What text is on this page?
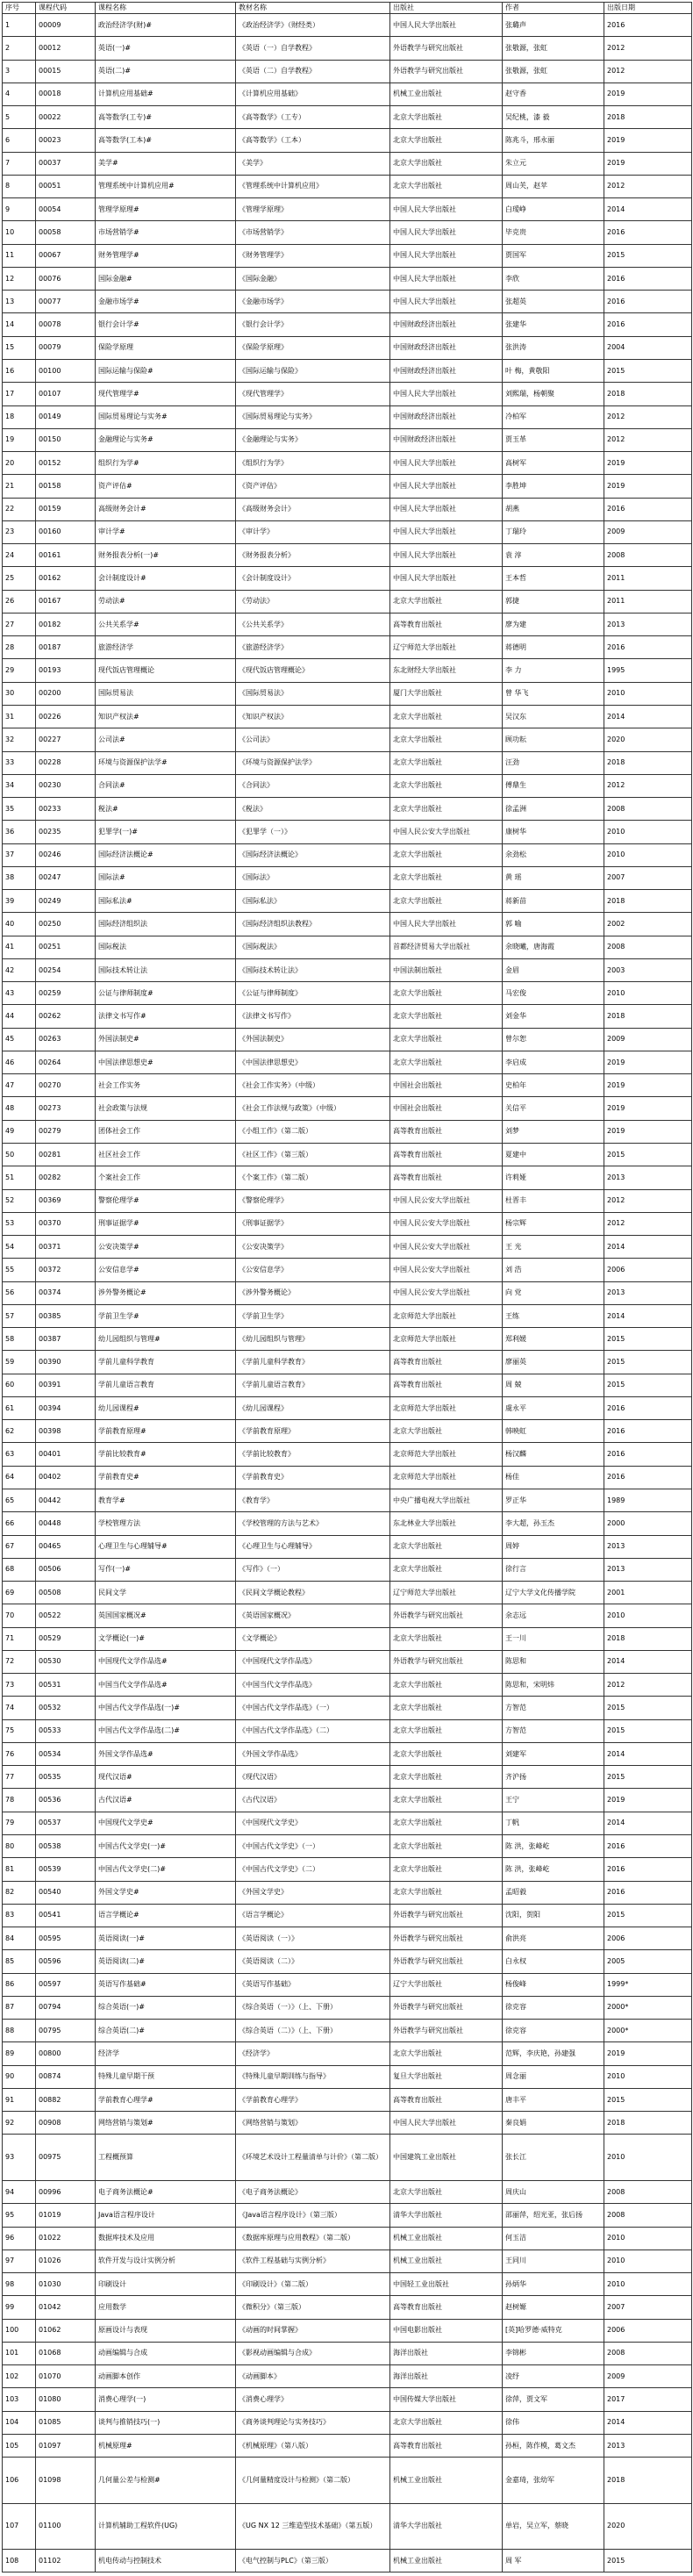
序号	课程代码	课程名称	教材名称	出版社	作者	出版日期
1	00009	政治经济学(财)#	《政治经济学》（财经类）	中国人民大学出版社	张璐声	2016
2	00012	英语(一)#	《英语（一）自学教程》	外语教学与研究出版社	张敬源，张虹	2012
3	00015	英语(二)#	《英语（二）自学教程》	外语教学与研究出版社	张敬源，张虹	2012
4	00018	计算机应用基础#	《计算机应用基础》	机械工业出版社	赵守香	2019
5	00022	高等数学(工专)#	《高等数学》（工专）	北京大学出版社	吴纪桃，漆 毅	2018
6	00023	高等数学(工本)#	《高等数学》（工本）	北京大学出版社	陈兆斗，邢永丽	2019
7	00037	美学#	《美学》	北京大学出版社	朱立元	2019
8	00051	管理系统中计算机应用#	《管理系统中计算机应用》	北京大学出版社	周山芙，赵苹	2012
9	00054	管理学原理#	《管理学原理》	中国人民大学出版社	白瑷峥	2014
10	00058	市场营销学#	《市场营销学》	中国人民大学出版社	毕克贵	2016
11	00067	财务管理学#	《财务管理学》	中国人民大学出版社	贾国军	2015
12	00076	国际金融#	《国际金融》	中国人民大学出版社	李欣	2016
13	00077	金融市场学#	《金融市场学》	中国人民大学出版社	张超英	2016
14	00078	银行会计学#	《银行会计学》	中国财政经济出版社	张建华	2016
15	00079	保险学原理	《保险学原理》	中国财政经济出版社	张洪涛	2004
16	00100	国际运输与保险#	《国际运输与保险》	中国财政经济出版社	叶 梅，黄敬阳	2015
17	00107	现代管理学#	《现代管理学》	中国人民大学出版社	刘熙瑞，杨朝聚	2018
18	00149	国际贸易理论与实务#	《国际贸易理论与实务》	中国财政经济出版社	冷柏军	2012
19	00150	金融理论与实务#	《金融理论与实务》	中国财政经济出版社	贾玉革	2012
20	00152	组织行为学#	《组织行为学》	中国人民大学出版社	高树军	2019
21	00158	资产评估#	《资产评估》	中国人民大学出版社	李胜坤	2019
22	00159	高级财务会计#	《高级财务会计》	中国人民大学出版社	胡燕	2016
23	00160	审计学#	《审计学》	中国人民大学出版社	丁瑞玲	2009
24	00161	财务报表分析(一)#	《财务报表分析》	中国人民大学出版社	袁 淳	2008
25	00162	会计制度设计#	《会计制度设计》	中国人民大学出版社	王本哲	2011
26	00167	劳动法#	《劳动法》	北京大学出版社	郭捷	2011
27	00182	公共关系学#	《公共关系学》	高等教育出版社	廖为建	2013
28	00187	旅游经济学	《旅游经济学》	辽宁师范大学出版社	蒋德明	2016
29	00193	现代饭店管理概论	《现代饭店管理概论》	东北财经大学出版社	李 力	1995
30	00200	国际贸易法	《国际贸易法》	厦门大学出版社	曾 华飞	2010
31	00226	知识产权法#	《知识产权法》	北京大学出版社	吴汉东	2014
32	00227	公司法#	《公司法》	北京大学出版社	顾功耘	2020
33	00228	环境与资源保护法学#	《环境与资源保护法学》	北京大学出版社	汪劲	2018
34	00230	合同法#	《合同法》	北京大学出版社	傅鼎生	2012
35	00233	税法#	《税法》	北京大学出版社	徐孟洲	2008
36	00235	犯罪学(一)#	《犯罪学（一）》	中国人民公安大学出版社	康树华	2010
37	00246	国际经济法概论#	《国际经济法概论》	北京大学出版社	余劲松	2010
38	00247	国际法#	《国际法》	北京大学出版社	黄 瑶	2007
39	00249	国际私法#	《国际私法》	北京大学出版社	蒋新苗	2018
40	00250	国际经济组织法	《国际经济组织法教程》	中国人民大学出版社	郭 喻	2002
41	00251	国际税法	《国际税法》	首都经济贸易大学出版社	余晓曦，唐海霞	2008
42	00254	国际技术转让法	《国际技术转让法》	中国法制出版社	金眉	2003
43	00259	公证与律师制度#	《公证与律师制度》	北京大学出版社	马宏俊	2010
44	00262	法律文书写作#	《法律文书写作》	北京大学出版社	刘金华	2018
45	00263	外国法制史#	《外国法制史》	北京大学出版社	曾尔恕	2009
46	00264	中国法律思想史#	《中国法律思想史》	北京大学出版社	李启成	2019
47	00270	社会工作实务	《社会工作实务》（中级）	中国社会出版社	史柏年	2019
48	00273	社会政策与法规	《社会工作法规与政策》（中级）	中国社会出版社	关信平	2019
49	00279	团体社会工作	《小组工作》（第二版）	高等教育出版社	刘梦	2019
50	00281	社区社会工作	《社区工作》（第三版）	高等教育出版社	夏建中	2015
51	00282	个案社会工作	《个案工作》（第二版）	高等教育出版社	许莉娅	2013
52	00369	警察伦理学#	《警察伦理学》	中国人民公安大学出版社	杜晋丰	2012
53	00370	刑事证据学#	《刑事证据学》	中国人民公安大学出版社	杨宗辉	2012
54	00371	公安决策学#	《公安决策学》	中国人民公安大学出版社	王 光	2014
55	00372	公安信息学#	《公安信息学》	中国人民公安大学出版社	刘 浩	2006
56	00374	涉外警务概论#	《涉外警务概论》	中国人民公安大学出版社	向 党	2013
57	00385	学前卫生学#	《学前卫生学》	北京师范大学出版社	王练	2014
58	00387	幼儿园组织与管理#	《幼儿园组织与管理》	北京师范大学出版社	郑利媛	2015
59	00390	学前儿童科学教育	《学前儿童科学教育》	高等教育出版社	廖丽英	2015
60	00391	学前儿童语言教育	《学前儿童语言教育》	高等教育出版社	周 兢	2015
61	00394	幼儿园课程#	《幼儿园课程》	北京师范大学出版社	虞永平	2016
62	00398	学前教育原理#	《学前教育原理》	北京大学出版社	韩映虹	2016
63	00401	学前比较教育#	《学前比较教育》	北京师范大学出版社	杨汉麟	2016
64	00402	学前教育史#	《学前教育史》	北京师范大学出版社	杨佳	2016
65	00442	教育学#	《教育学》	中央广播电视大学出版社	罗正华	1989
66	00448	学校管理方法	《学校管理的方法与艺术》	东北林业大学出版社	李大超，孙玉杰	2000
67	00465	心理卫生与心理辅导#	《心理卫生与心理辅导》	北京大学出版社	周婷	2013
68	00506	写作(一)#	《写作》（一）	北京大学出版社	徐行言	2013
69	00508	民间文学	《民间文学概论教程》	辽宁师范大学出版社	辽宁大学文化传播学院	2001
70	00522	英国国家概况#	《英语国家概况》	外语教学与研究出版社	余志远	2010
71	00529	文学概论(一)#	《文学概论》	北京大学出版社	王一川	2018
72	00530	中国现代文学作品选#	《中国现代文学作品选》	外语教学与研究出版社	陈思和	2014
73	00531	中国当代文学作品选#	《中国当代文学作品选》	北京大学出版社	陈思和，宋明炜	2012
74	00532	中国古代文学作品选(一)#	《中国古代文学作品选》（一）	北京大学出版社	方智范	2015
75	00533	中国古代文学作品选(二)#	《中国古代文学作品选》（二）	北京大学出版社	方智范	2015
76	00534	外国文学作品选#	《外国文学作品选》	北京大学出版社	刘建军	2014
77	00535	现代汉语#	《现代汉语》	北京大学出版社	齐沪扬	2015
78	00536	古代汉语#	《古代汉语》	北京大学出版社	王宁	2019
79	00537	中国现代文学史#	《中国现代文学史》	北京大学出版社	丁帆	2014
80	00538	中国古代文学史(一)#	《中国古代文学史》（一）	北京大学出版社	陈 洪，张峰屹	2016
81	00539	中国古代文学史(二)#	《中国古代文学史》（二）	北京大学出版社	陈 洪，张峰屹	2016
82	00540	外国文学史#	《外国文学史》	北京大学出版社	孟昭毅	2016
83	00541	语言学概论#	《语言学概论》	外语教学与研究出版社	沈阳，贺阳	2015
84	00595	英语阅读(一)#	《英语阅读（一）》	外语教学与研究出版社	俞洪亮	2006
85	00596	英语阅读(二)#	《英语阅读（二）》	外语教学与研究出版社	白永权	2005
86	00597	英语写作基础#	《英语写作基础》	辽宁大学出版社	杨俊峰	1999*
87	00794	综合英语(一)#	《综合英语（一）》（上、下册）	外语教学与研究出版社	徐克容	2000*
88	00795	综合英语(二)#	《综合英语（二）》（上、下册）	外语教学与研究出版社	徐克容	2000*
89	00800	经济学	《经济学》	北京大学出版社	范辉，李庆艳，孙建强	2019
90	00874	特殊儿童早期干预	《特殊儿童早期训练与指导》	复旦大学出版社	周念丽	2010
91	00882	学前教育心理学#	《学前教育心理学》	高等教育出版社	唐丰平	2015
92	00908	网络营销与策划#	《网络营销与策划》	中国人民大学出版社	秦良娟	2018
93	00975	工程概预算	《环境艺术设计工程量清单与计价》（第二版）	中国建筑工业出版社	张长江	2010
94	00996	电子商务法概论#	《电子商务法概论》	北京大学出版社	周庆山	2008
95	01019	Java语言程序设计	《Java语言程序设计》（第三版）	清华大学出版社	邵丽萍，绍光亚，张后扬	2008
96	01022	数据库技术及应用	《数据库原理与应用教程》（第二版）	机械工业出版社	何玉洁	2010
97	01026	软件开发与设计实例分析	《软件工程基础与实例分析》	机械工业出版社	王同川	2010
98	01030	印刷设计	《印刷设计》（第二版）	中国轻工业出版社	孙炳华	2010
99	01042	应用数学	《微积分》（第三版）	高等教育出版社	赵树嫄	2007
100	01062	原画设计与表现	《动画的时间掌握》	中国电影出版社	[英]哈罗德·威特克	2006
101	01068	动画编辑与合成	《影视动画编辑与合成》	海洋出版社	李锦彬	2008
102	01070	动画脚本创作	《动画脚本》	海洋出版社	凌纾	2009
103	01080	消费心理学(一)	《消费心理学》	中国传媒大学出版社	徐萍，贾文军	2017
104	01085	谈判与推销技巧(一)	《商务谈判理论与实务技巧》	北京大学出版社	徐伟	2014
105	01097	机械原理#	《机械原理》（第八版）	高等教育出版社	孙桓，陈作模，葛文杰	2013
106	01098	几何量公差与检测#	《几何量精度设计与检测》（第二版）	机械工业出版社	金嘉琦，张幼军	2018
107	01100	计算机辅助工程软件(UG)	《UG NX 12 三维造型技术基础》（第五版）	清华大学出版社	单岩，吴立军，蔡晓	2020
108	01102	机电传动与控制技术	《电气控制与PLC》（第三版）	机械工业出版社	周 军	2015
